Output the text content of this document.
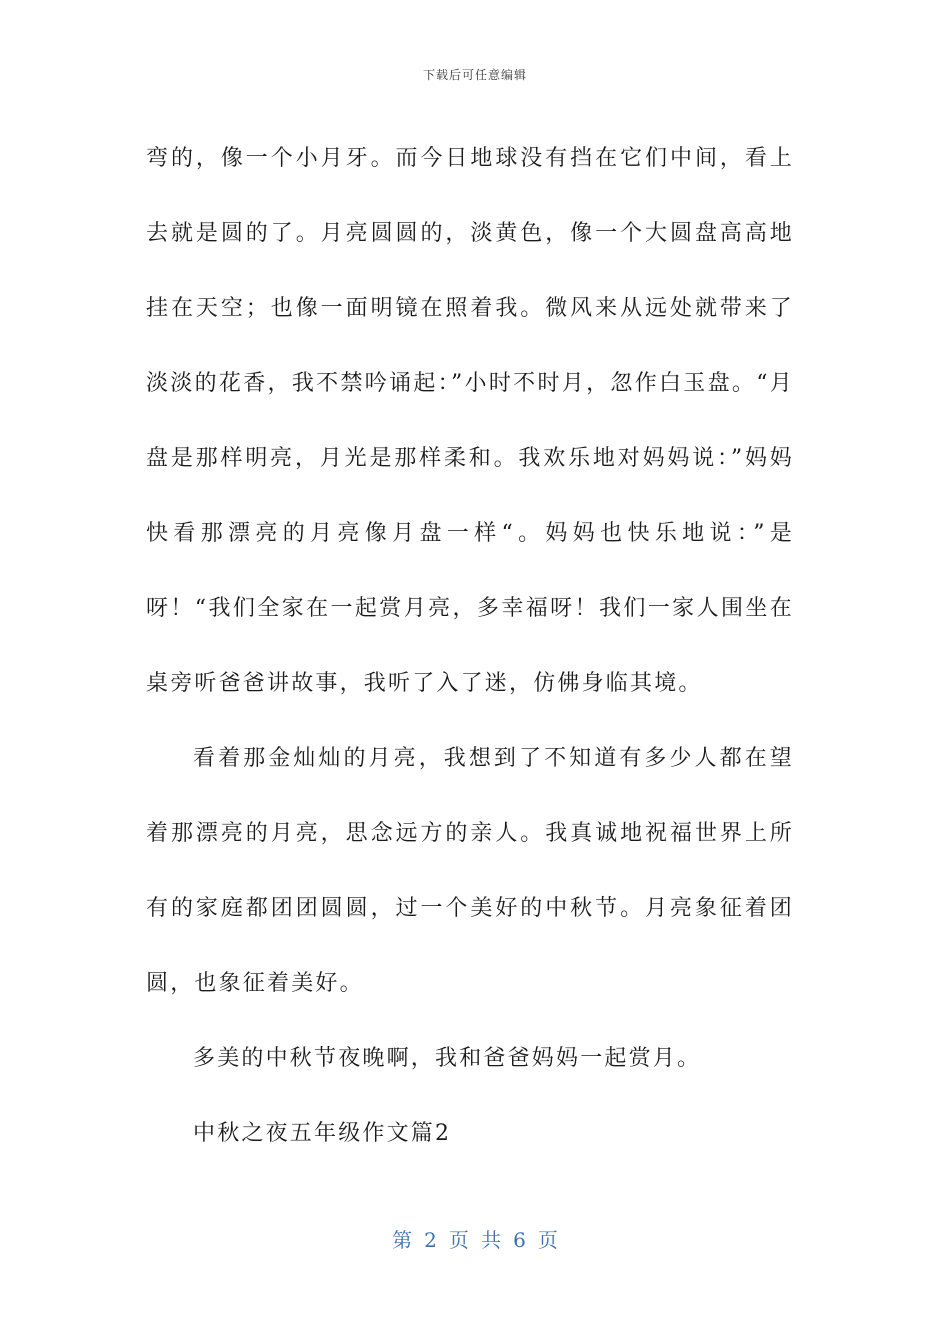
下载后可任意编辑

弯的，像一个小月牙。而今日地球没有挡在它们中间，看上去就是圆的了。月亮圆圆的，淡黄色，像一个大圆盘高高地挂在天空；也像一面明镜在照着我。微风来从远处就带来了淡淡的花香，我不禁吟诵起：”小时不时月，忽作白玉盘。“月盘是那样明亮，月光是那样柔和。我欢乐地对妈妈说：”妈妈快看那漂亮的月亮像月盘一样“。妈妈也快乐地说：”是呀！“我们全家在一起赏月亮，多幸福呀！我们一家人围坐在桌旁听爸爸讲故事，我听了入了迷，仿佛身临其境。

看着那金灿灿的月亮，我想到了不知道有多少人都在望着那漂亮的月亮，思念远方的亲人。我真诚地祝福世界上所有的家庭都团团圆圆，过一个美好的中秋节。月亮象征着团圆，也象征着美好。

多美的中秋节夜晚啊，我和爸爸妈妈一起赏月。

中秋之夜五年级作文篇2

第 2 页 共 6 页
